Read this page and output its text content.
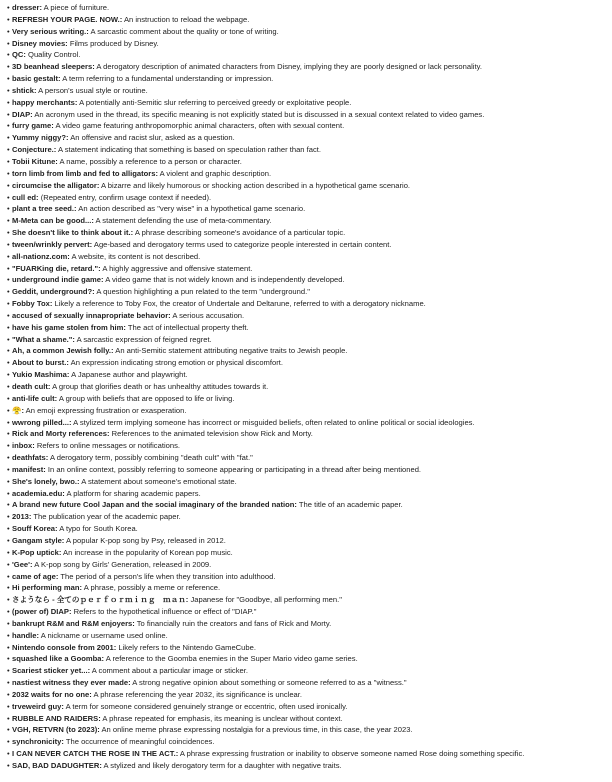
• dresser: A piece of furniture.
• REFRESH YOUR PAGE. NOW.: An instruction to reload the webpage.
• Very serious writing.: A sarcastic comment about the quality or tone of writing.
• Disney movies: Films produced by Disney.
• QC: Quality Control.
• 3D beanhead sleepers: A derogatory description of animated characters from Disney, implying they are poorly designed or lack personality.
• basic gestalt: A term referring to a fundamental understanding or impression.
• shtick: A person's usual style or routine.
• happy merchants: A potentially anti-Semitic slur referring to perceived greedy or exploitative people.
• DIAP: An acronym used in the thread, its specific meaning is not explicitly stated but is discussed in a sexual context related to video games.
• furry game: A video game featuring anthropomorphic animal characters, often with sexual content.
• Yummy niggy?: An offensive and racist slur, asked as a question.
• Conjecture.: A statement indicating that something is based on speculation rather than fact.
• Tobii Kitune: A name, possibly a reference to a person or character.
• torn limb from limb and fed to alligators: A violent and graphic description.
• circumcise the alligator: A bizarre and likely humorous or shocking action described in a hypothetical game scenario.
• cull ed: (Repeated entry, confirm usage context if needed).
• plant a tree seed.: An action described as "very wise" in a hypothetical game scenario.
• M-Meta can be good...: A statement defending the use of meta-commentary.
• She doesn't like to think about it.: A phrase describing someone's avoidance of a particular topic.
• tween/wrinkly pervert: Age-based and derogatory terms used to categorize people interested in certain content.
• all-nationz.com: A website, its content is not described.
• "FUARKing die, retard.": A highly aggressive and offensive statement.
• underground indie game: A video game that is not widely known and is independently developed.
• Geddit, underground?: A question highlighting a pun related to the term "underground."
• Fobby Tox: Likely a reference to Toby Fox, the creator of Undertale and Deltarune, referred to with a derogatory nickname.
• accused of sexually innapropriate behavior: A serious accusation.
• have his game stolen from him: The act of intellectual property theft.
• "What a shame.": A sarcastic expression of feigned regret.
• Ah, a common Jewish folly.: An anti-Semitic statement attributing negative traits to Jewish people.
• About to burst.: An expression indicating strong emotion or physical discomfort.
• Yukio Mashima: A Japanese author and playwright.
• death cult: A group that glorifies death or has unhealthy attitudes towards it.
• anti-life cult: A group with beliefs that are opposed to life or living.
• 😤: An emoji expressing frustration or exasperation.
• wwrong pilled...: A stylized term implying someone has incorrect or misguided beliefs, often related to online political or social ideologies.
• Rick and Morty references: References to the animated television show Rick and Morty.
• inbox: Refers to online messages or notifications.
• deathfats: A derogatory term, possibly combining "death cult" with "fat."
• manifest: In an online context, possibly referring to someone appearing or participating in a thread after being mentioned.
• She's lonely, bwo.: A statement about someone's emotional state.
• academia.edu: A platform for sharing academic papers.
• A brand new future Cool Japan and the social imaginary of the branded nation: The title of an academic paper.
• 2013: The publication year of the academic paper.
• Souff Korea: A typo for South Korea.
• Gangam style: A popular K-pop song by Psy, released in 2012.
• K-Pop uptick: An increase in the popularity of Korean pop music.
• 'Gee': A K-pop song by Girls' Generation, released in 2009.
• came of age: The period of a person's life when they transition into adulthood.
• Hi performing man: A phrase, possibly a meme or reference.
• さようなら - 全てのｐｅｒｆｏｒｍｉｎｇ　ｍａｎ: Japanese for "Goodbye, all performing men."
• (power of) DIAP: Refers to the hypothetical influence or effect of "DIAP."
• bankrupt R&M and R&M enjoyers: To financially ruin the creators and fans of Rick and Morty.
• handle: A nickname or username used online.
• Nintendo console from 2001: Likely refers to the Nintendo GameCube.
• squashed like a Goomba: A reference to the Goomba enemies in the Super Mario video game series.
• Scariest sticker yet...: A comment about a particular image or sticker.
• nastiest witness they ever made: A strong negative opinion about something or someone referred to as a "witness."
• 2032 waits for no one: A phrase referencing the year 2032, its significance is unclear.
• trveweird guy: A term for someone considered genuinely strange or eccentric, often used ironically.
• RUBBLE AND RAIDERS: A phrase repeated for emphasis, its meaning is unclear without context.
• VGH, RETVRN (to 2023): An online meme phrase expressing nostalgia for a previous time, in this case, the year 2023.
• synchronicity: The occurrence of meaningful coincidences.
• I CAN NEVER CATCH THE ROSE IN THE ACT.: A phrase expressing frustration or inability to observe someone named Rose doing something specific.
• SAD, BAD DADUGHTER: A stylized and likely derogatory term for a daughter with negative traits.
